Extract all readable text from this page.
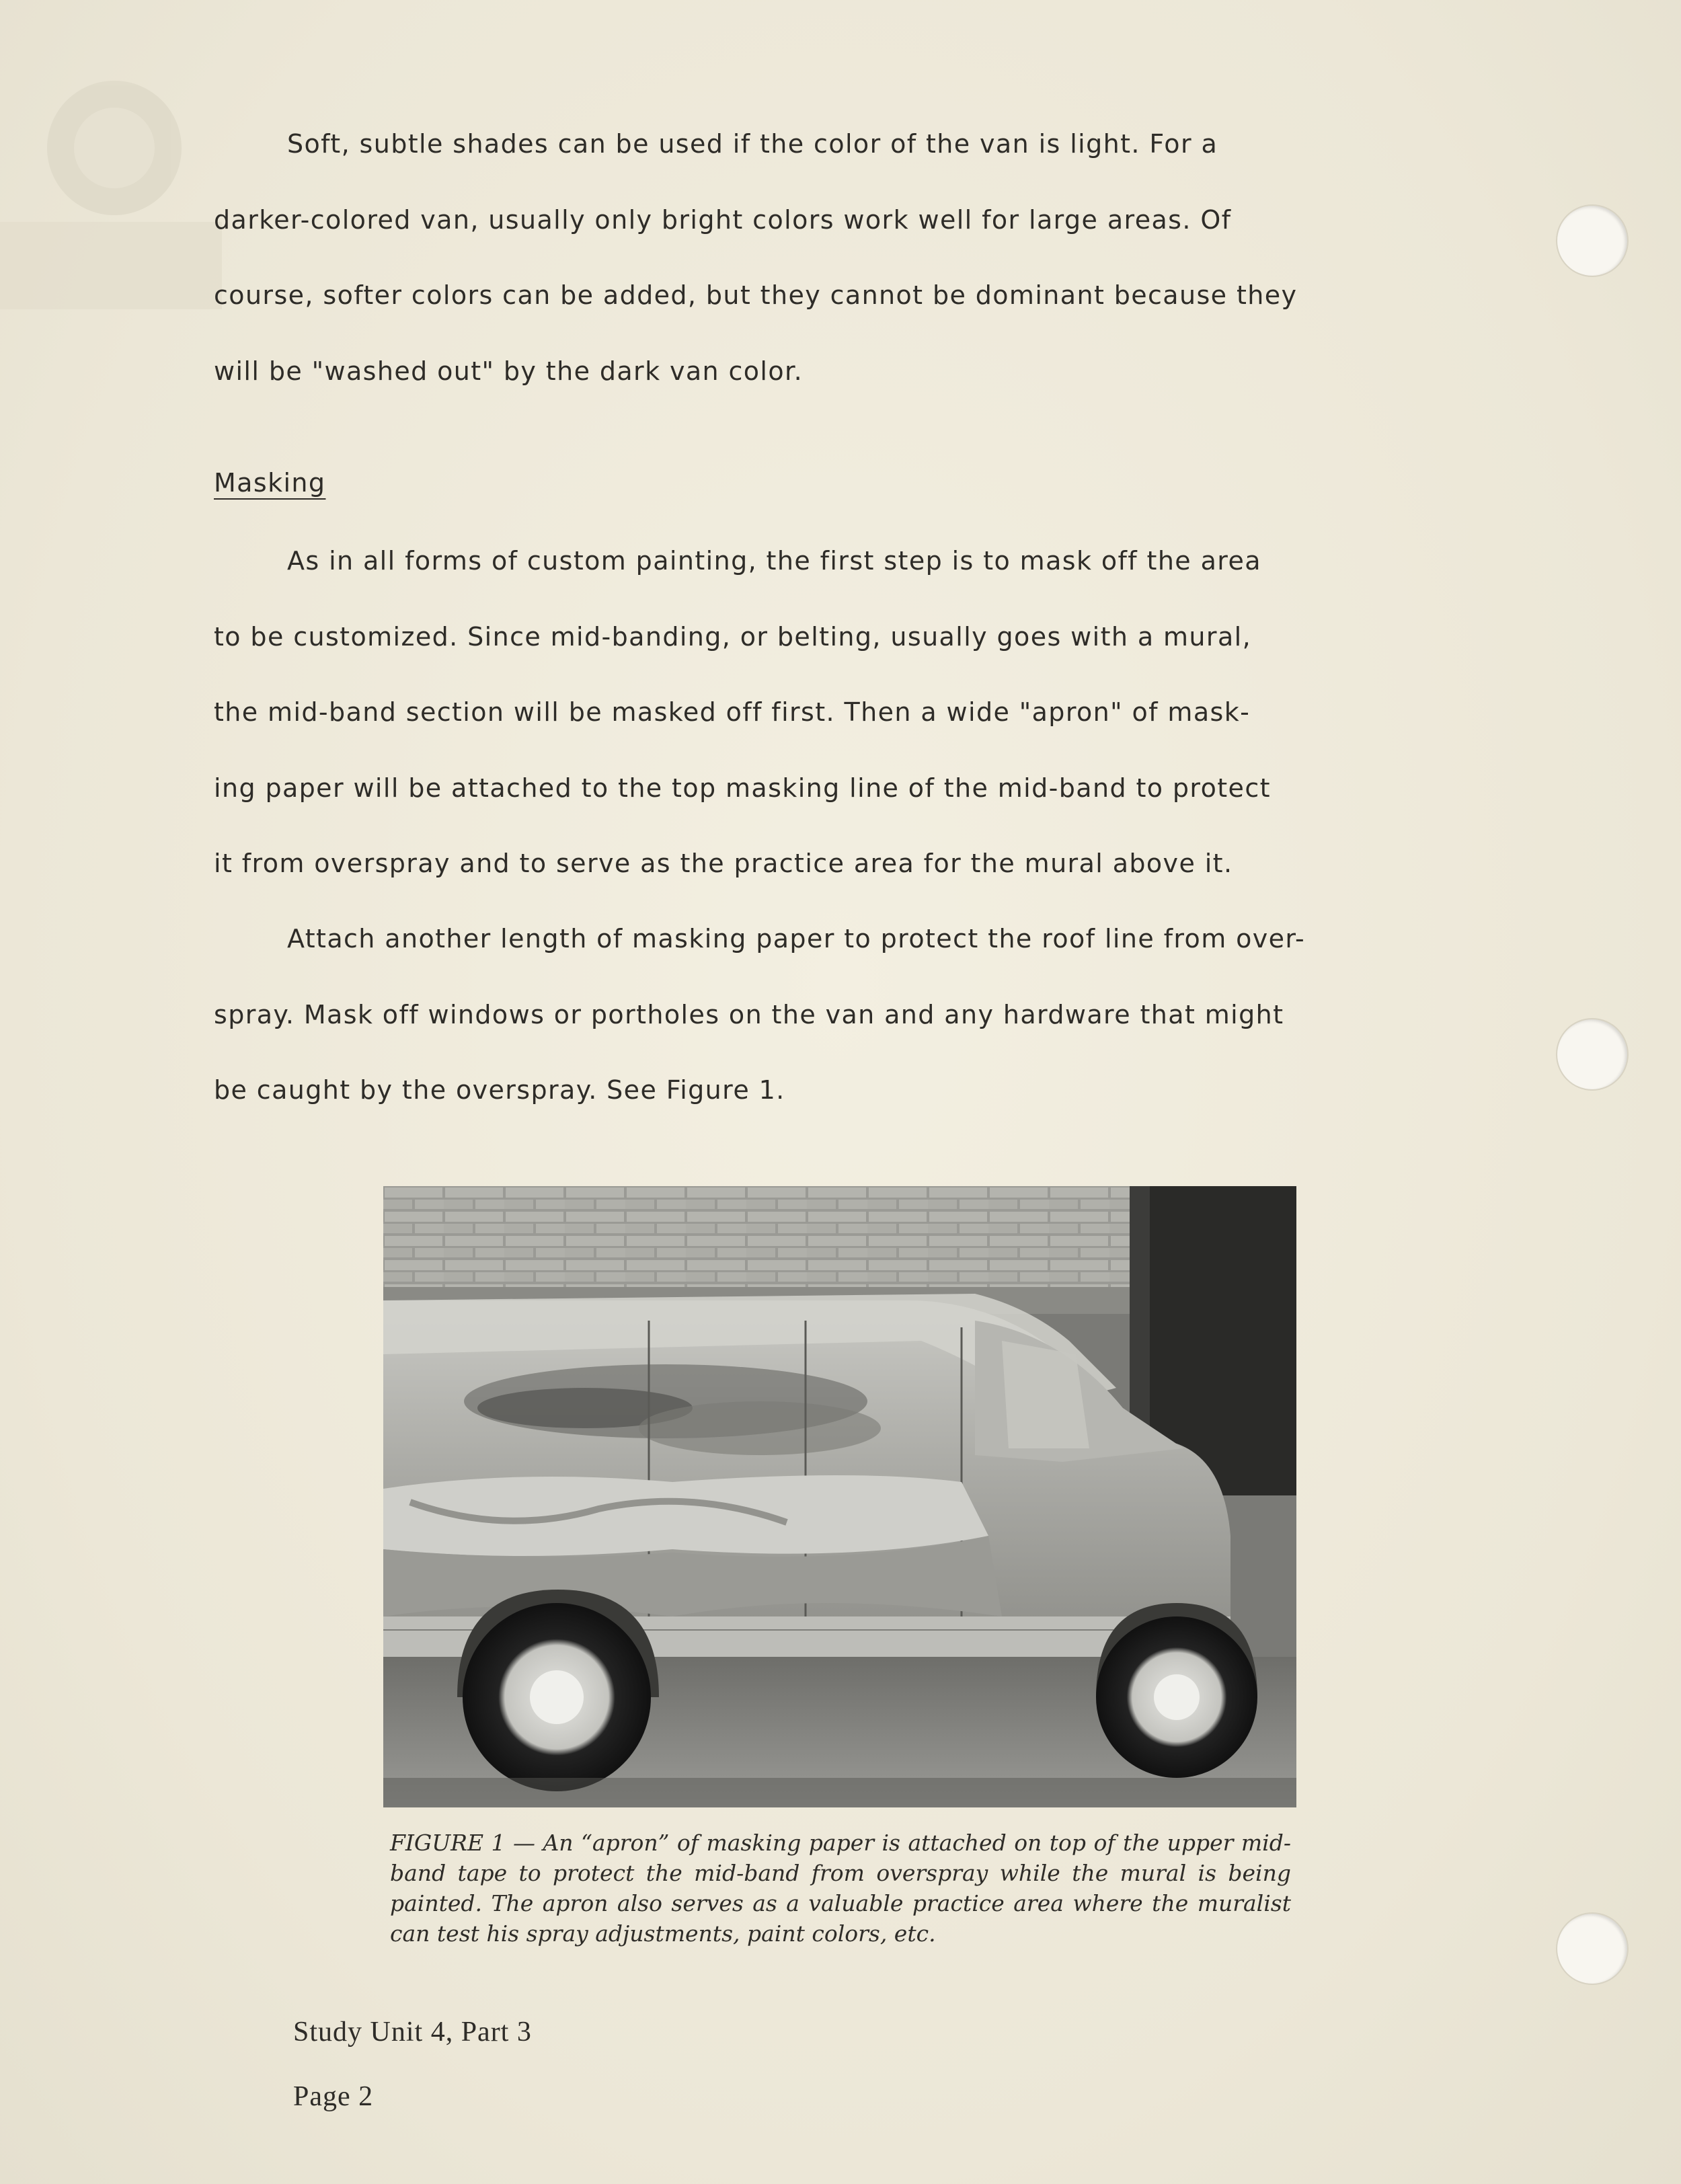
Soft, subtle shades can be used if the color of the van is light. For a
darker-colored van, usually only bright colors work well for large areas. Of
course, softer colors can be added, but they cannot be dominant because they
will be "washed out" by the dark van color.
Masking
As in all forms of custom painting, the first step is to mask off the area
to be customized. Since mid-banding, or belting, usually goes with a mural,
the mid-band section will be masked off first. Then a wide "apron" of mask-
ing paper will be attached to the top masking line of the mid-band to protect
it from overspray and to serve as the practice area for the mural above it.
Attach another length of masking paper to protect the roof line from over-
spray. Mask off windows or portholes on the van and any hardware that might
be caught by the overspray. See Figure 1.
FIGURE 1 — An “apron” of masking paper is attached on top of the upper mid-band tape to protect the mid-band from overspray while the mural is being painted. The apron also serves as a valuable practice area where the muralist can test his spray adjustments, paint colors, etc.
Study Unit 4, Part 3
Page 2
